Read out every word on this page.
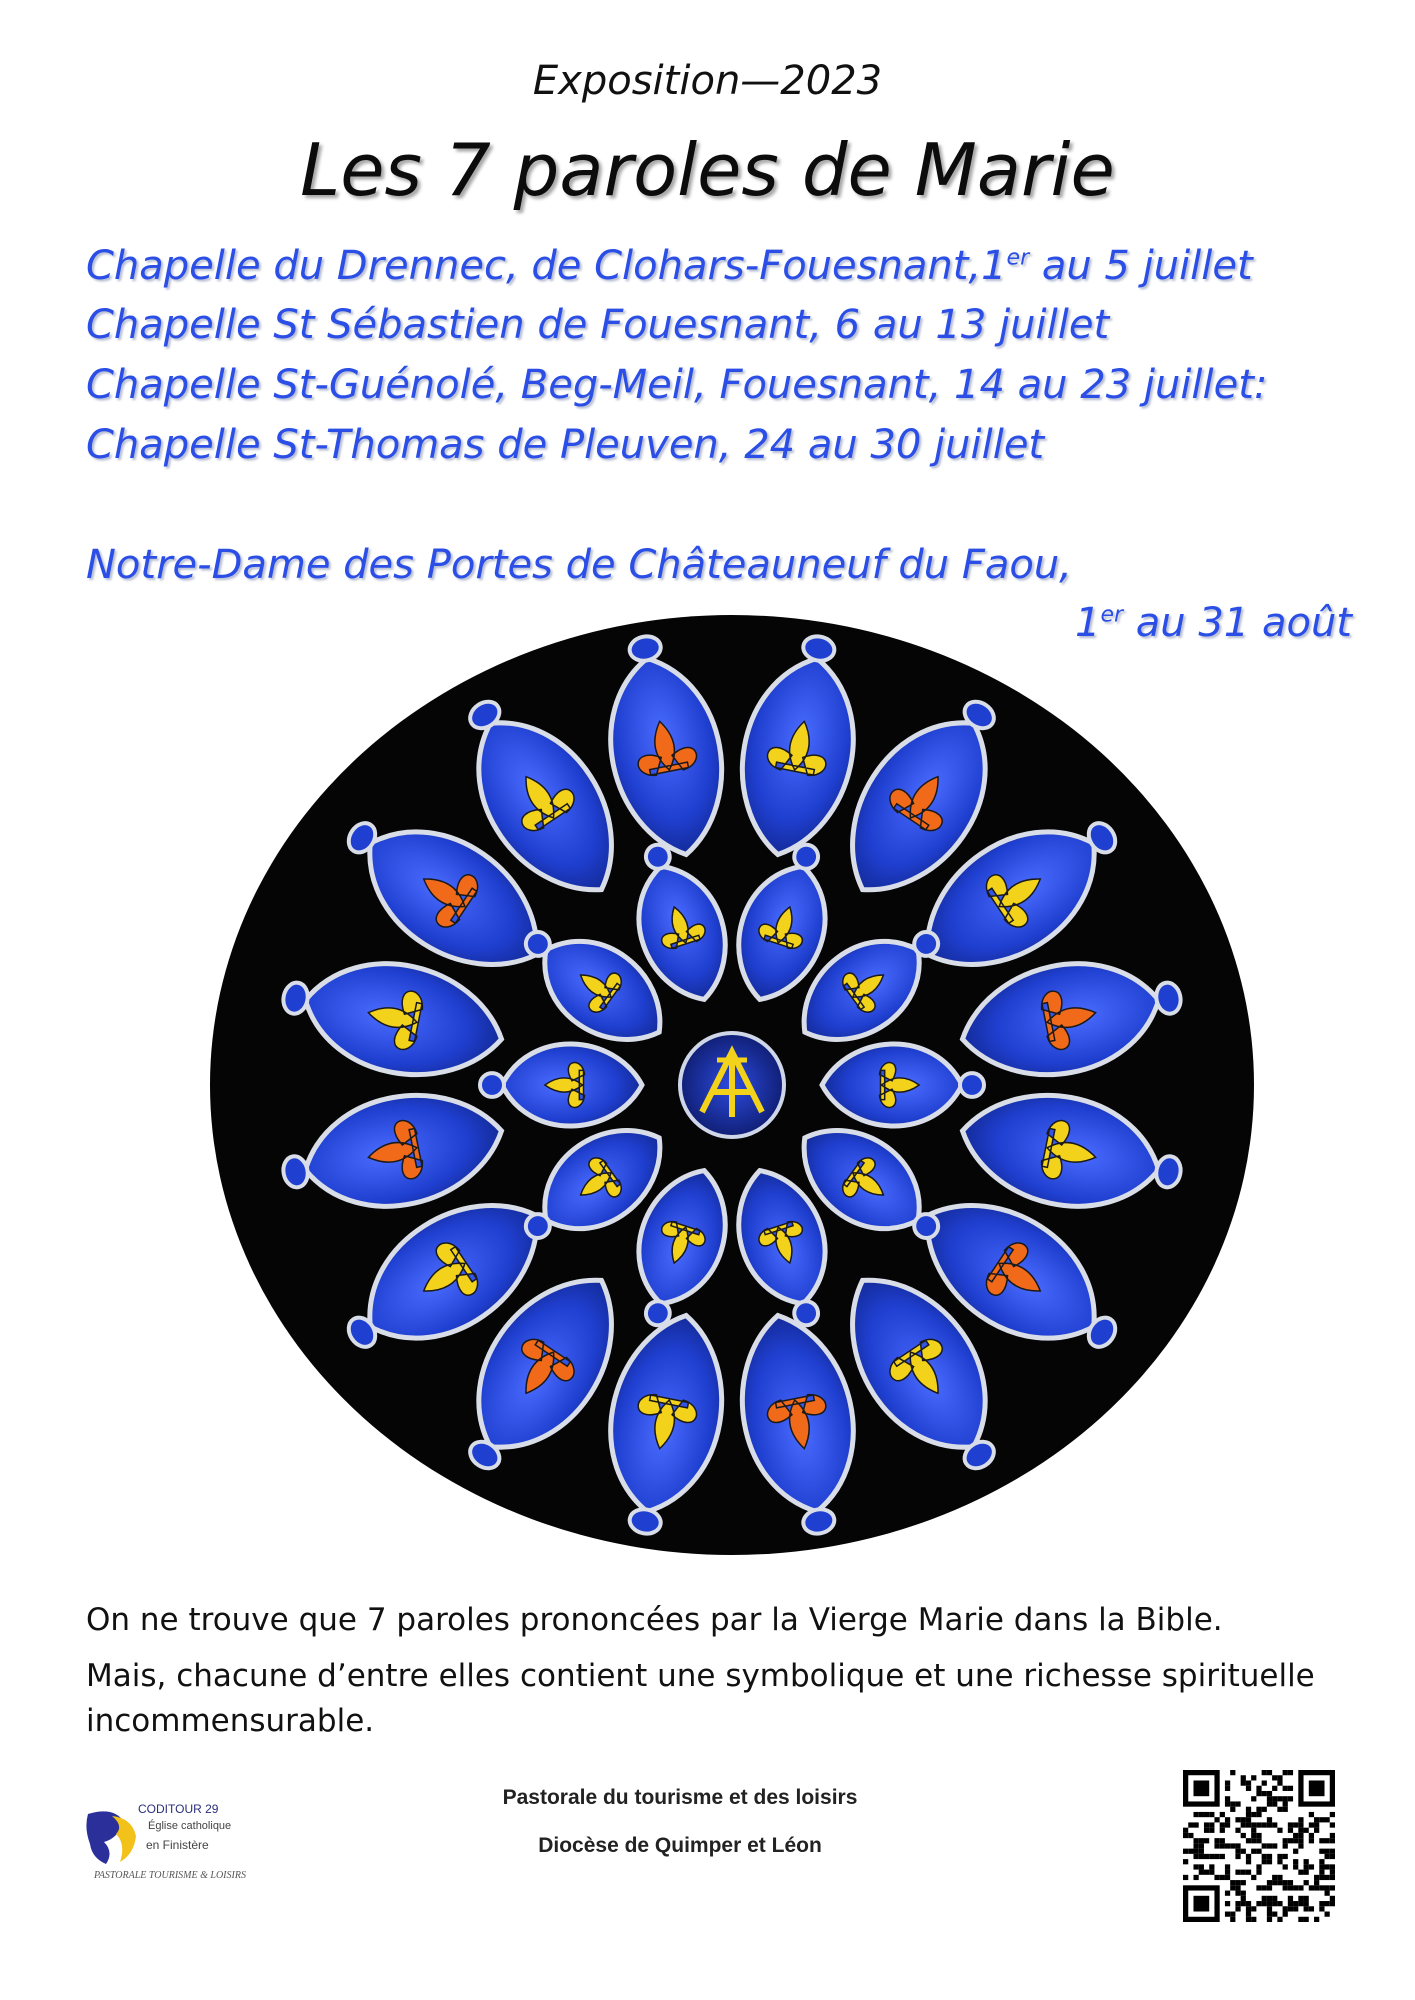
Exposition—2023
Les 7 paroles de Marie
Chapelle du Drennec, de Clohars-Fouesnant,1er au 5 juillet
Chapelle St Sébastien de Fouesnant, 6 au 13 juillet
Chapelle St-Guénolé, Beg-Meil, Fouesnant, 14 au 23 juillet:
Chapelle St-Thomas de Pleuven, 24 au 30 juillet
Notre-Dame des Portes de Châteauneuf du Faou,
1er au 31 août
On ne trouve que 7 paroles prononcées par la Vierge Marie dans la Bible.
Mais, chacune d’entre elles contient une symbolique et une richesse spirituelle incommensurable.
Pastorale du tourisme et des loisirs
Diocèse de Quimper et Léon
CODITOUR 29
Église catholique
en Finistère
PASTORALE TOURISME & LOISIRS
